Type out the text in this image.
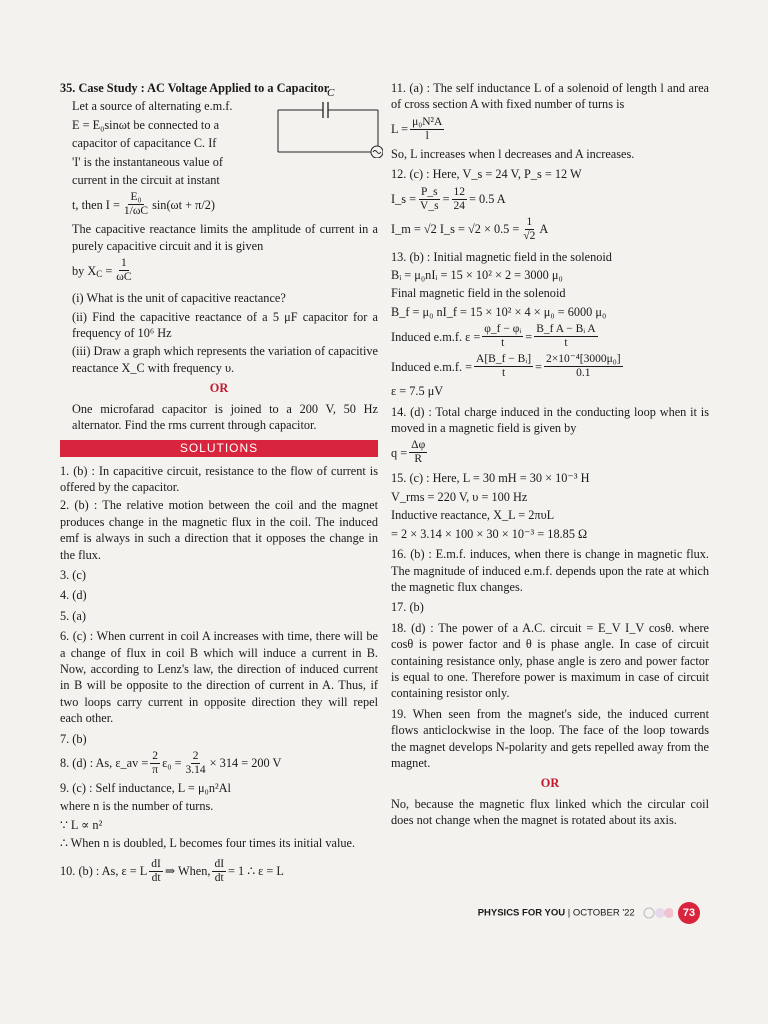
35. Case Study : AC Voltage Applied to a Capacitor

C

Let a source of alternating e.m.f.

E = E₀sinωt be connected to a

capacitor of capacitance C. If

'I' is the instantaneous value of

current in the circuit at instant

t, then $I = \frac{\text{E₀}}{1/\omega C} \sin(\omega t + \pi/2)$

The capacitive reactance limits the amplitude of current in a purely capacitive circuit and it is given

by X $C = \frac{1}{\omega C}$

(i) What is the unit of capacitive reactance?

(ii) Find the capacitive reactance of a 5 μF capacitor for a frequency of 10⁶ Hz

(iii) Draw a graph which represents the variation of capacitive reactance X_C with frequency υ.

OR

One microfarad capacitor is joined to a 200 V, 50 Hz alternator. Find the rms current through capacitor.

SOLUTIONS

1. (b) : In capacitive circuit, resistance to the flow of current is offered by the capacitor.

2. (b) : The relative motion between the coil and the magnet produces change in the magnetic flux in the coil. The induced emf is always in such a direction that it opposes the change in the flux.

3. (c)

4. (d)

5. (a)

6. (c) : When current in coil A increases with time, there will be a change of flux in coil B which will induce a current in B. Now, according to Lenz's law, the direction of induced current in B will be opposite to the direction of current in A. Thus, if two loops carry current in opposite direction they will repel each other.

7. (b)

8. (d) : As, ε_av = $\frac{2}{\pi} \varepsilon_0 = \frac{2}{3.14} \times 314 = 200$ V

9. (c) : Self inductance, L = μ₀n²Al

where n is the number of turns.

∵ L ∝ n²

∴ When n is doubled, L becomes four times its initial value.

10. (b) : As, ε = L $\frac{dI}{dt}$ ⇒ When, $\frac{dI}{dt} = 1$ ∴ ε = L

11. (a) : The self inductance L of a solenoid of length l and area of cross section A with fixed number of turns is

$L = \frac{\text{μ₀N²A}}{l}$

So, L increases when l decreases and A increases.

12. (c) : Here, V_s = 24 V, P_s = 12 W

I_s = $\frac{P\_s}{V\_s} = \frac{12}{24} = 0.5$ A
I_m = √2 I_s = $√2 \times 0.5 = \frac{1}{√2}$ A

13. (b) : Initial magnetic field in the solenoid

Bᵢ = μ₀nIᵢ = 15 × 10² × 2 = 3000 μ₀

Final magnetic field in the solenoid

B_f = μ₀ nI_f = 15 × 10² × 4 × μ₀ = 6000 μ₀

Induced e.m.f. $\varepsilon = \frac{\text{φ\_f − φᵢ}}{t} = \frac{\text{B\_f A − Bᵢ A}}{t}$
Induced e.m.f. = $\frac{\text{A[B\_f − Bᵢ]}}{t} = \frac{\text{2×10⁻⁴[3000μ₀]}}{0.1}$

ε = 7.5 μV

14. (d) : Total charge induced in the conducting loop when it is moved in a magnetic field is given by

$q = \frac{\Delta\varphi}{R}$

15. (c) : Here, L = 30 mH = 30 × 10⁻³ H

V_rms = 220 V, υ = 100 Hz

Inductive reactance, X_L = 2πυL

= 2 × 3.14 × 100 × 30 × 10⁻³ = 18.85 Ω

16. (b) : E.m.f. induces, when there is change in magnetic flux. The magnitude of induced e.m.f. depends upon the rate at which the magnetic flux changes.

17. (b)

18. (d) : The power of a A.C. circuit = E_V I_V cosθ. where cosθ is power factor and θ is phase angle. In case of circuit containing resistance only, phase angle is zero and power factor is equal to one. Therefore power is maximum in case of circuit containing resistor only.

19. When seen from the magnet's side, the induced current flows anticlockwise in the loop. The face of the loop towards the magnet develops N-polarity and gets repelled away from the magnet.

OR

No, because the magnetic flux linked which the circular coil does not change when the magnet is rotated about its axis.

PHYSICS FOR YOU | OCTOBER '22	73
